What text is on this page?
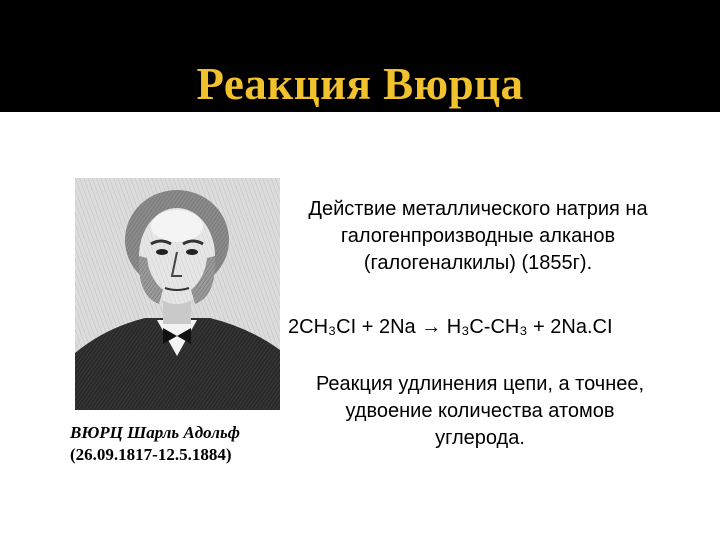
Реакция Вюрца
ВЮРЦ Шарль Адольф
(26.09.1817-12.5.1884)
Действие металлического натрия на
галогенпроизводные алканов
(галогеналкилы) (1855г).
2CH₃CI + 2Na → H₃C-CH₃ + 2Na.CI
Реакция удлинения цепи, а точнее,
удвоение количества атомов
углерода.
